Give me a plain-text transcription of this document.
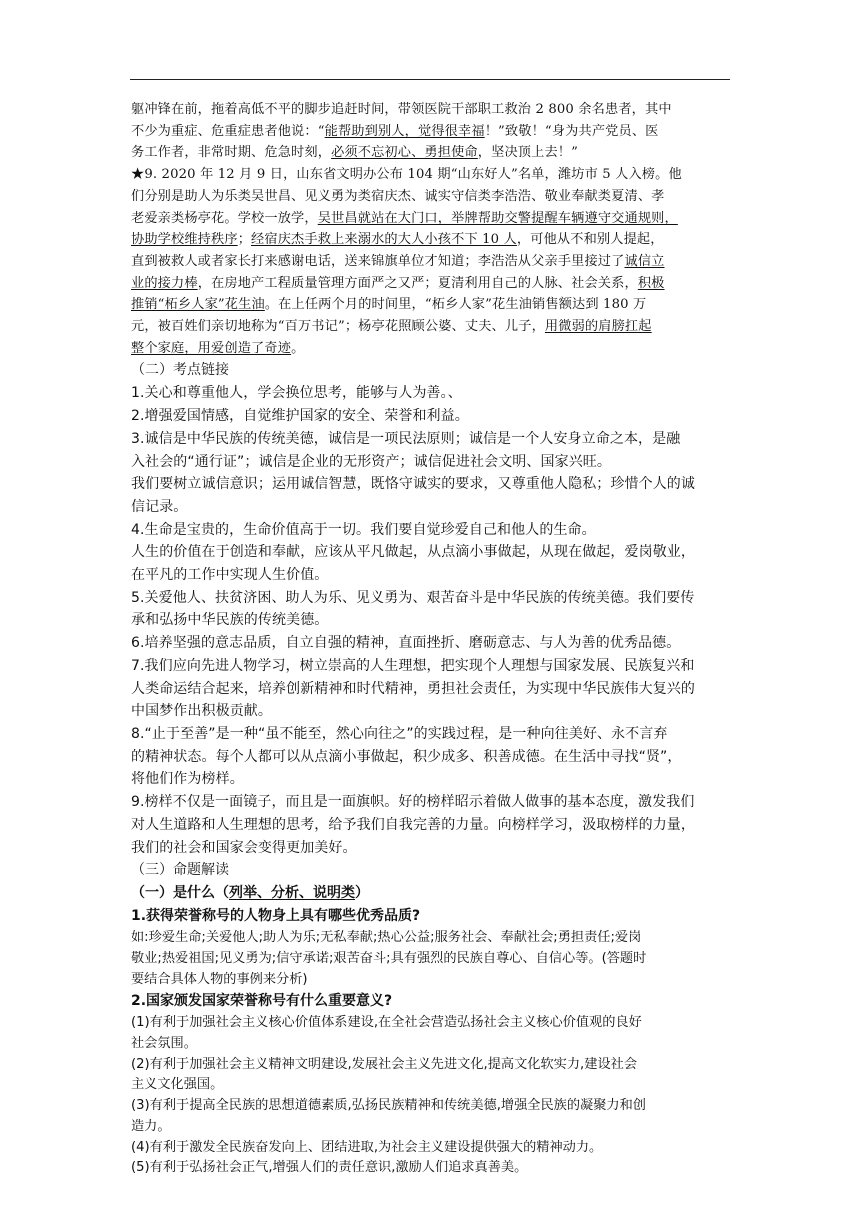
躯冲锋在前，拖着高低不平的脚步追赶时间，带领医院干部职工救治 2 800 余名患者，其中
不少为重症、危重症患者他说：“能帮助到别人，觉得很幸福！”致敬！“身为共产党员、医
务工作者，非常时期、危急时刻，必须不忘初心、勇担使命，坚决顶上去！”
★9. 2020 年 12 月 9 日，山东省文明办公布 104 期“山东好人”名单，潍坊市 5 人入榜。他
们分别是助人为乐类吴世昌、见义勇为类宿庆杰、诚实守信类李浩浩、敬业奉献类夏清、孝
老爱亲类杨亭花。学校一放学，吴世昌就站在大门口，举牌帮助交警提醒车辆遵守交通规则，
协助学校维持秩序；经宿庆杰手救上来溺水的大人小孩不下 10 人，可他从不和别人提起，
直到被救人或者家长打来感谢电话，送来锦旗单位才知道；李浩浩从父亲手里接过了诚信立
业的接力棒，在房地产工程质量管理方面严之又严；夏清利用自己的人脉、社会关系，积极
推销“柘乡人家”花生油。在上任两个月的时间里，“柘乡人家”花生油销售额达到 180 万
元，被百姓们亲切地称为“百万书记”；杨亭花照顾公婆、丈夫、儿子，用微弱的肩膀扛起
整个家庭，用爱创造了奇迹。
（二）考点链接
1.关心和尊重他人，学会换位思考，能够与人为善。、
2.增强爱国情感，自觉维护国家的安全、荣誉和利益。
3.诚信是中华民族的传统美德，诚信是一项民法原则；诚信是一个人安身立命之本，是融
入社会的“通行证”；诚信是企业的无形资产；诚信促进社会文明、国家兴旺。
我们要树立诚信意识；运用诚信智慧，既恪守诚实的要求，又尊重他人隐私；珍惜个人的诚
信记录。
4.生命是宝贵的，生命价值高于一切。我们要自觉珍爱自己和他人的生命。
人生的价值在于创造和奉献，应该从平凡做起，从点滴小事做起，从现在做起，爱岗敬业，
在平凡的工作中实现人生价值。
5.关爱他人、扶贫济困、助人为乐、见义勇为、艰苦奋斗是中华民族的传统美德。我们要传
承和弘扬中华民族的传统美德。
6.培养坚强的意志品质，自立自强的精神，直面挫折、磨砺意志、与人为善的优秀品德。
7.我们应向先进人物学习，树立崇高的人生理想，把实现个人理想与国家发展、民族复兴和
人类命运结合起来，培养创新精神和时代精神，勇担社会责任，为实现中华民族伟大复兴的
中国梦作出积极贡献。
8.“止于至善”是一种“虽不能至，然心向往之”的实践过程，是一种向往美好、永不言弃
的精神状态。每个人都可以从点滴小事做起，积少成多、积善成德。在生活中寻找“贤”，
将他们作为榜样。
9.榜样不仅是一面镜子，而且是一面旗帜。好的榜样昭示着做人做事的基本态度，激发我们
对人生道路和人生理想的思考，给予我们自我完善的力量。向榜样学习，汲取榜样的力量，
我们的社会和国家会变得更加美好。
（三）命题解读
（一）是什么（列举、分析、说明类）
1.获得荣誉称号的人物身上具有哪些优秀品质?
如:珍爱生命;关爱他人;助人为乐;无私奉献;热心公益;服务社会、奉献社会;勇担责任;爱岗
敬业;热爱祖国;见义勇为;信守承诺;艰苦奋斗;具有强烈的民族自尊心、自信心等。(答题时
要结合具体人物的事例来分析)
2.国家颁发国家荣誉称号有什么重要意义?
(1)有利于加强社会主义核心价值体系建设,在全社会营造弘扬社会主义核心价值观的良好
社会氛围。
(2)有利于加强社会主义精神文明建设,发展社会主义先进文化,提高文化软实力,建设社会
主义文化强国。
(3)有利于提高全民族的思想道德素质,弘扬民族精神和传统美德,增强全民族的凝聚力和创
造力。
(4)有利于激发全民族奋发向上、团结进取,为社会主义建设提供强大的精神动力。
(5)有利于弘扬社会正气,增强人们的责任意识,激励人们追求真善美。
